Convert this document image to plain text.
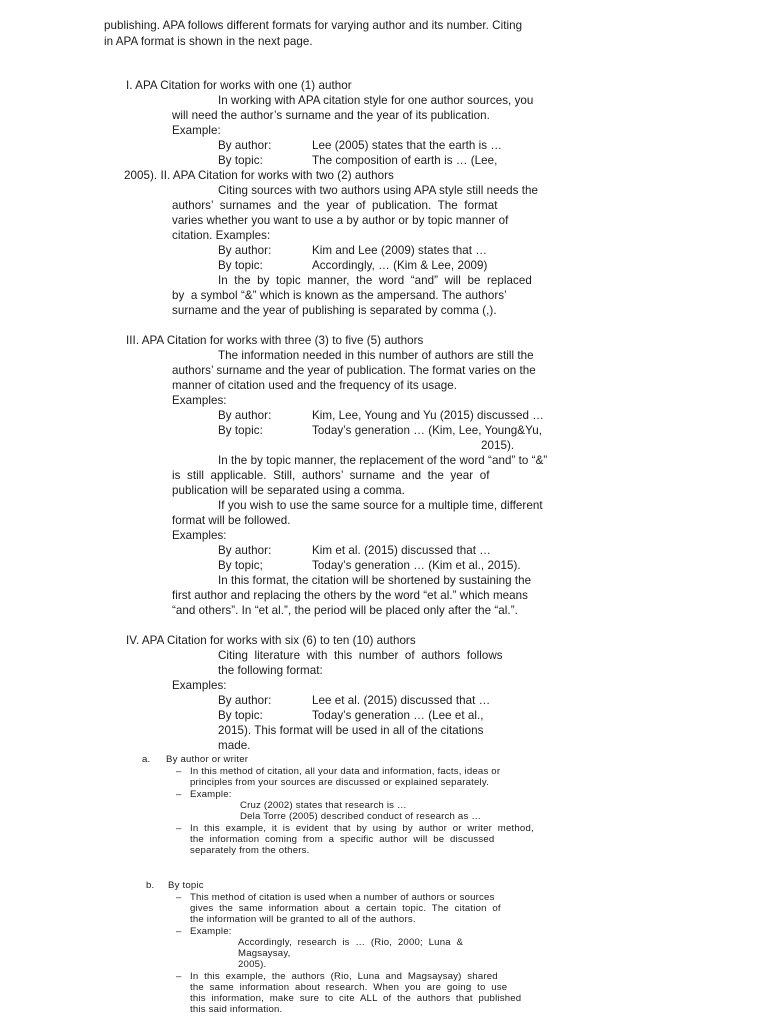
publishing. APA follows different formats for varying author and its number. Citing
in APA format is shown in the next page.
I. APA Citation for works with one (1) author
In working with APA citation style for one author sources, you
will need the author’s surname and the year of its publication.
Example:
By author:	Lee (2005) states that the earth is …
By topic:	The composition of earth is … (Lee,
2005). II. APA Citation for works with two (2) authors
Citing sources with two authors using APA style still needs the
authors’  surnames  and  the  year  of  publication.  The  format
varies whether you want to use a by author or by topic manner of
citation. Examples:
By author:	Kim and Lee (2009) states that …
By topic:	Accordingly, … (Kim & Lee, 2009)
In  the  by  topic  manner,  the  word  “and”  will  be  replaced
by  a symbol “&” which is known as the ampersand. The authors’
surname and the year of publishing is separated by comma (,).
III. APA Citation for works with three (3) to five (5) authors
The information needed in this number of authors are still the
authors’ surname and the year of publication. The format varies on the
manner of citation used and the frequency of its usage.
Examples:
By author:	Kim, Lee, Young and Yu (2015) discussed …
By topic:	Today’s generation … (Kim, Lee, Young&Yu,
2015).
In the by topic manner, the replacement of the word “and” to “&”
is  still  applicable.  Still,  authors’  surname  and  the  year  of
publication will be separated using a comma.
If you wish to use the same source for a multiple time, different
format will be followed.
Examples:
By author:	Kim et al. (2015) discussed that …
By topic;	Today’s generation … (Kim et al., 2015).
In this format, the citation will be shortened by sustaining the
first author and replacing the others by the word “et al.” which means
“and others”. In “et al.”, the period will be placed only after the “al.”.
IV. APA Citation for works with six (6) to ten (10) authors
Citing  literature  with  this  number  of  authors  follows
the following format:
Examples:
By author:	Lee et al. (2015) discussed that …
By topic:	Today’s generation … (Lee et al.,
2015). This format will be used in all of the citations
made.
a. By author or writer
– In this method of citation, all your data and information, facts, ideas or
principles from your sources are discussed or explained separately.
– Example:
Cruz (2002) states that research is …
Dela Torre (2005) described conduct of research as …
– In  this  example,  it  is  evident  that  by  using  by  author  or  writer  method,
the  information  coming  from  a  specific  author  will  be  discussed
separately from the others.
b. By topic
– This method of citation is used when a number of authors or sources
gives  the  same  information  about  a  certain  topic.  The  citation  of
the information will be granted to all of the authors.
– Example:
Accordingly,  research  is  …  (Rio,  2000;  Luna  &
Magsaysay,
2005).
– In  this  example,  the  authors  (Rio,  Luna  and  Magsaysay)  shared
the  same  information  about  research.  When  you  are  going  to  use
this  information,  make  sure  to  cite  ALL  of  the  authors  that  published
this said information.
